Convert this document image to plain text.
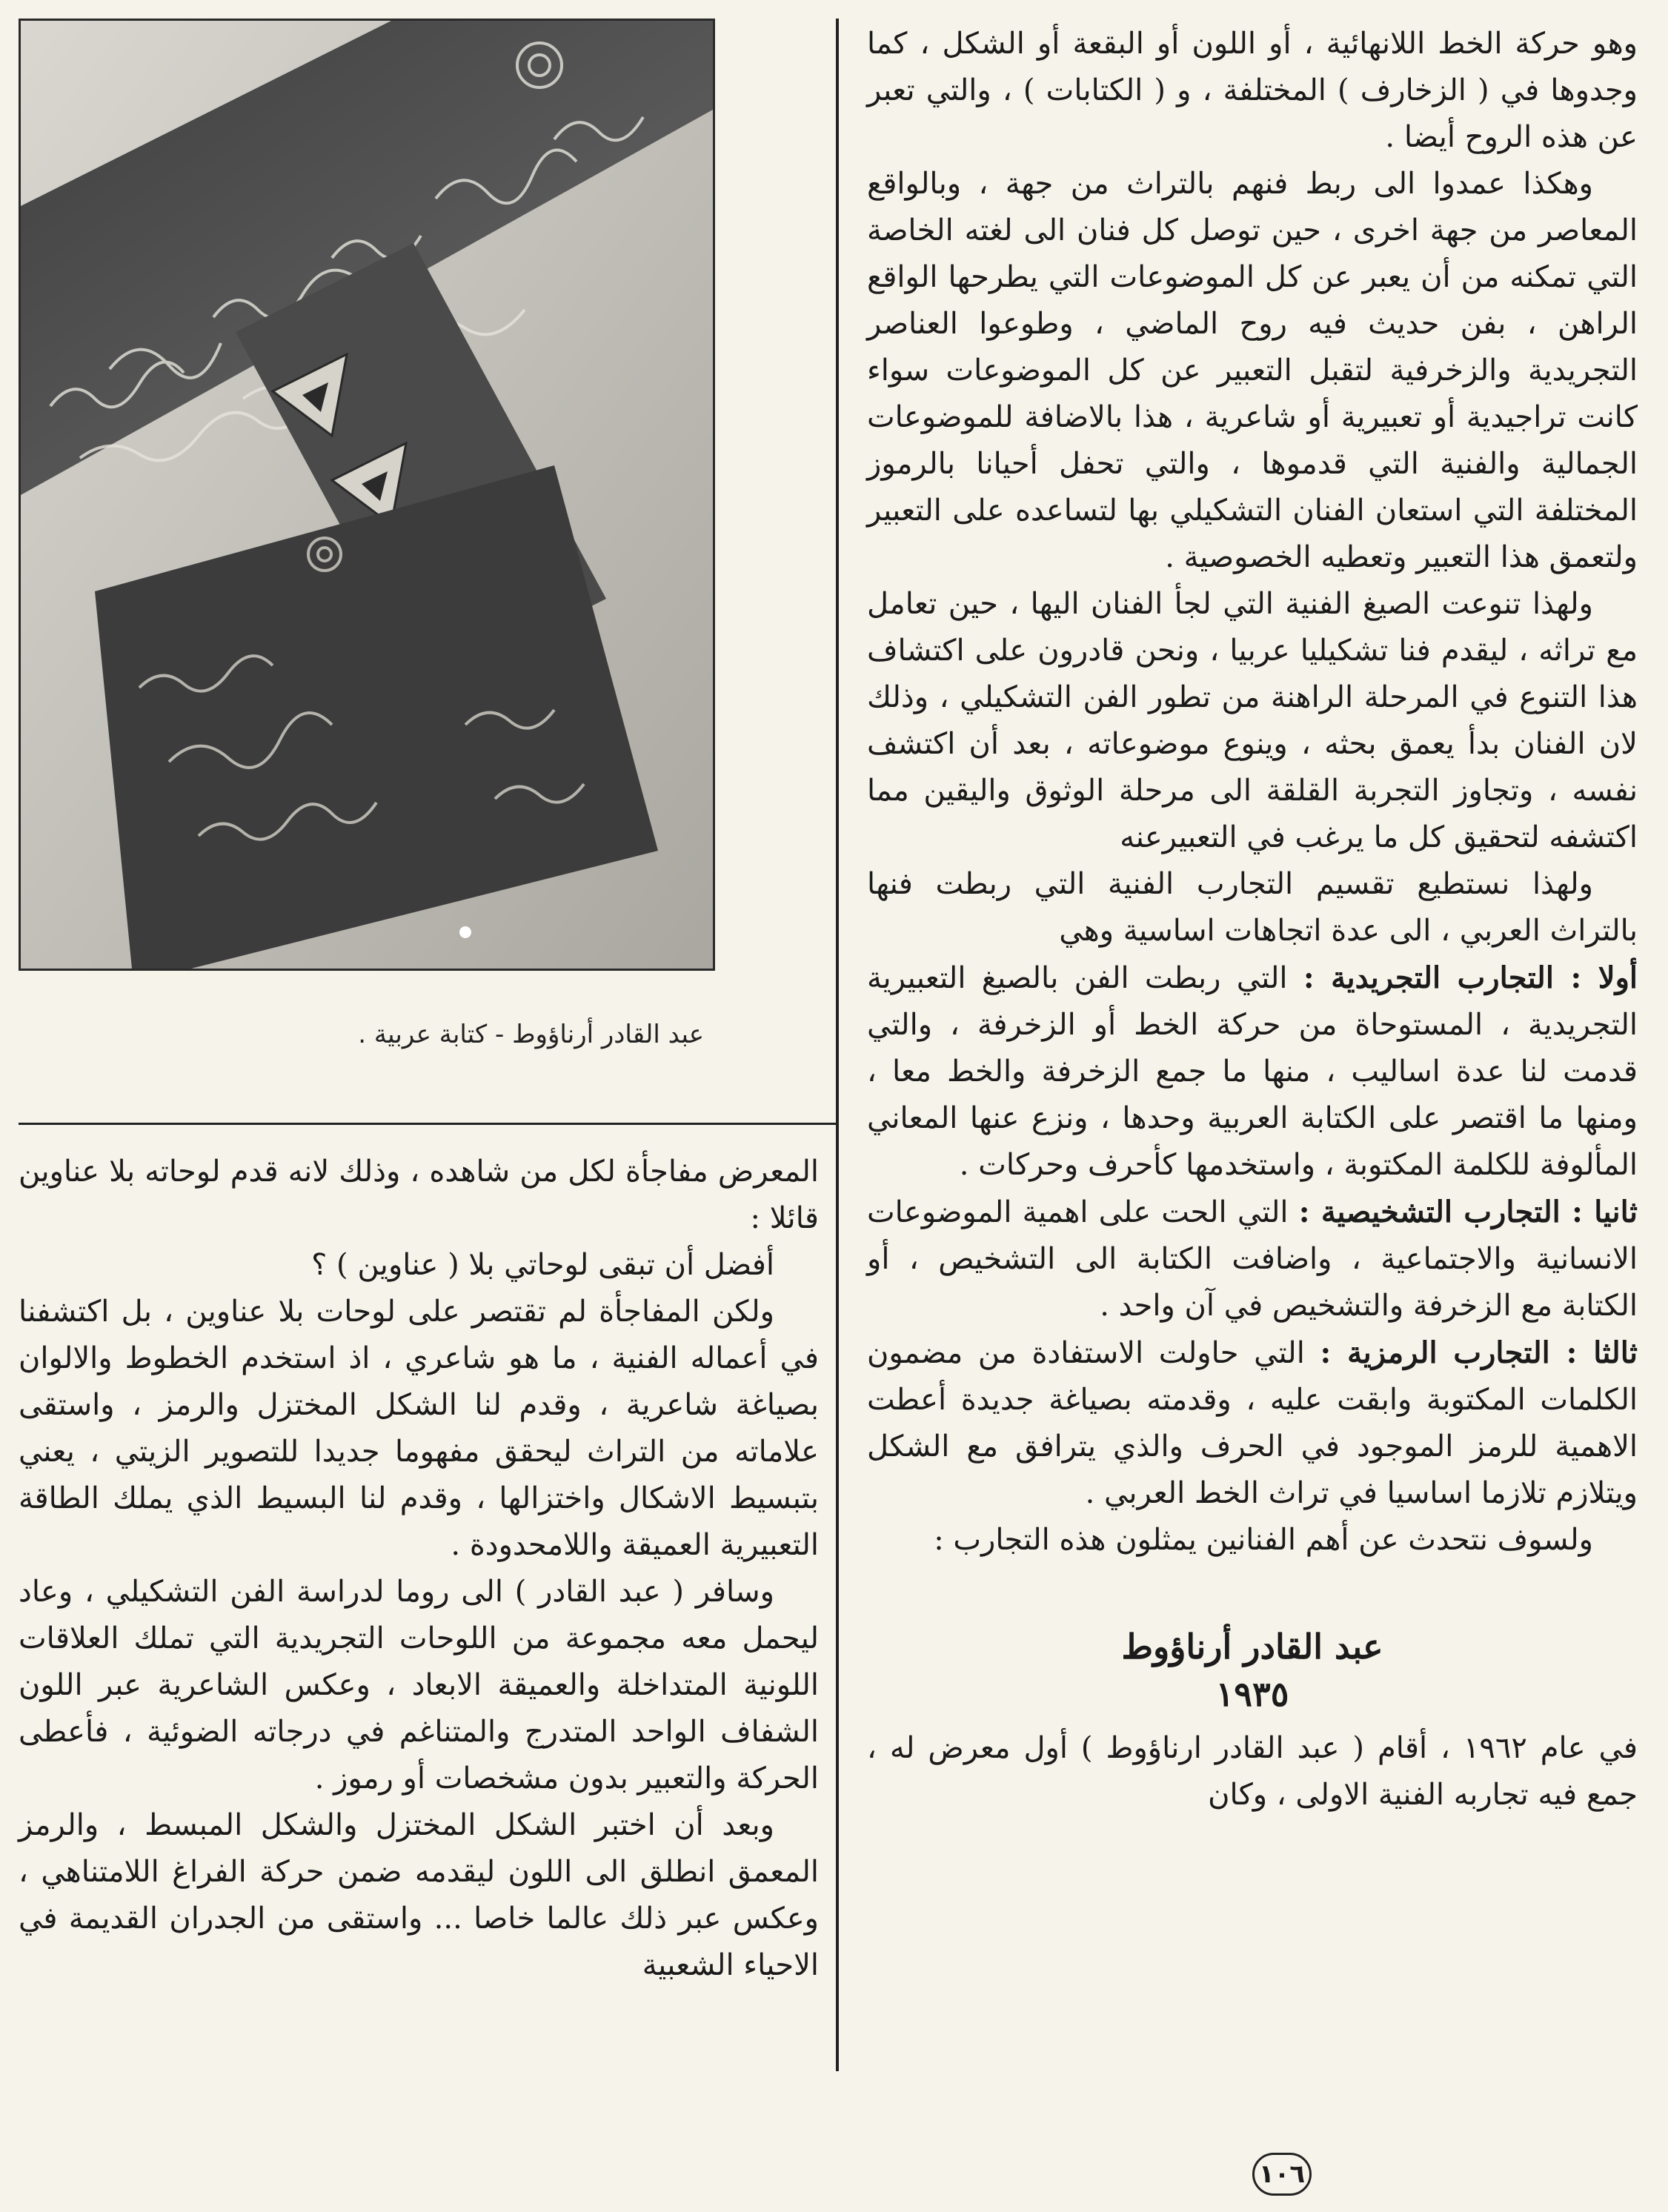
عبد القادر أرناؤوط - كتابة عربية .

وهو حركة الخط اللانهائية ، أو اللون أو البقعة أو الشكل ، كما وجدوها في ( الزخارف ) المختلفة ، و ( الكتابات ) ، والتي تعبر عن هذه الروح أيضا .

وهكذا عمدوا الى ربط فنهم بالتراث من جهة ، وبالواقع المعاصر من جهة اخرى ، حين توصل كل فنان الى لغته الخاصة التي تمكنه من أن يعبر عن كل الموضوعات التي يطرحها الواقع الراهن ، بفن حديث فيه روح الماضي ، وطوعوا العناصر التجريدية والزخرفية لتقبل التعبير عن كل الموضوعات سواء كانت تراجيدية أو تعبيرية أو شاعرية ، هذا بالاضافة للموضوعات الجمالية والفنية التي قدموها ، والتي تحفل أحيانا بالرموز المختلفة التي استعان الفنان التشكيلي بها لتساعده على التعبير ولتعمق هذا التعبير وتعطيه الخصوصية .

ولهذا تنوعت الصيغ الفنية التي لجأ الفنان اليها ، حين تعامل مع تراثه ، ليقدم فنا تشكيليا عربيا ، ونحن قادرون على اكتشاف هذا التنوع في المرحلة الراهنة من تطور الفن التشكيلي ، وذلك لان الفنان بدأ يعمق بحثه ، وينوع موضوعاته ، بعد أن اكتشف نفسه ، وتجاوز التجربة القلقة الى مرحلة الوثوق واليقين مما اكتشفه لتحقيق كل ما يرغب في التعبيرعنه

ولهذا نستطيع تقسيم التجارب الفنية التي ربطت فنها بالتراث العربي ، الى عدة اتجاهات اساسية وهي

أولا : التجارب التجريدية : التي ربطت الفن بالصيغ التعبيرية التجريدية ، المستوحاة من حركة الخط أو الزخرفة ، والتي قدمت لنا عدة اساليب ، منها ما جمع الزخرفة والخط معا ، ومنها ما اقتصر على الكتابة العربية وحدها ، ونزع عنها المعاني المألوفة للكلمة المكتوبة ، واستخدمها كأحرف وحركات .

ثانيا : التجارب التشخيصية : التي الحت على اهمية الموضوعات الانسانية والاجتماعية ، واضافت الكتابة الى التشخيص ، أو الكتابة مع الزخرفة والتشخيص في آن واحد .

ثالثا : التجارب الرمزية : التي حاولت الاستفادة من مضمون الكلمات المكتوبة وابقت عليه ، وقدمته بصياغة جديدة أعطت الاهمية للرمز الموجود في الحرف والذي يترافق مع الشكل ويتلازم تلازما اساسيا في تراث الخط العربي .

ولسوف نتحدث عن أهم الفنانين يمثلون هذه التجارب :

عبد القادر أرناؤوط
١٩٣٥

في عام ١٩٦٢ ، أقام ( عبد القادر ارناؤوط ) أول معرض له ، جمع فيه تجاربه الفنية الاولى ، وكان

المعرض مفاجأة لكل من شاهده ، وذلك لانه قدم لوحاته بلا عناوين قائلا :

أفضل أن تبقى لوحاتي بلا ( عناوين ) ؟

ولكن المفاجأة لم تقتصر على لوحات بلا عناوين ، بل اكتشفنا في أعماله الفنية ، ما هو شاعري ، اذ استخدم الخطوط والالوان بصياغة شاعرية ، وقدم لنا الشكل المختزل والرمز ، واستقى علاماته من التراث ليحقق مفهوما جديدا للتصوير الزيتي ، يعني بتبسيط الاشكال واختزالها ، وقدم لنا البسيط الذي يملك الطاقة التعبيرية العميقة واللامحدودة .

وسافر ( عبد القادر ) الى روما لدراسة الفن التشكيلي ، وعاد ليحمل معه مجموعة من اللوحات التجريدية التي تملك العلاقات اللونية المتداخلة والعميقة الابعاد ، وعكس الشاعرية عبر اللون الشفاف الواحد المتدرج والمتناغم في درجاته الضوئية ، فأعطى الحركة والتعبير بدون مشخصات أو رموز .

وبعد أن اختبر الشكل المختزل والشكل المبسط ، والرمز المعمق انطلق الى اللون ليقدمه ضمن حركة الفراغ اللامتناهي ، وعكس عبر ذلك عالما خاصا ... واستقى من الجدران القديمة في الاحياء الشعبية

١٠٦
